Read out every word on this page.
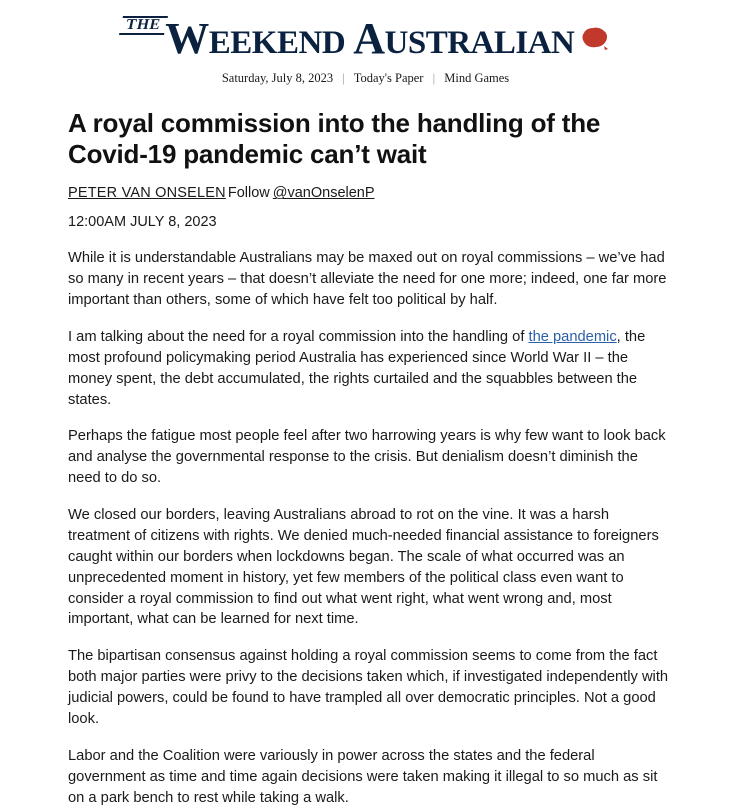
THE WEEKEND AUSTRALIAN
Saturday, July 8, 2023 | Today's Paper | Mind Games
A royal commission into the handling of the Covid-19 pandemic can’t wait
PETER VAN ONSELEN Follow @vanOnselenP
12:00AM JULY 8, 2023

While it is understandable Australians may be maxed out on royal commissions – we’ve had so many in recent years – that doesn’t alleviate the need for one more; indeed, one far more important than others, some of which have felt too political by half.

I am talking about the need for a royal commission into the handling of the pandemic, the most profound policymaking period Australia has experienced since World War II – the money spent, the debt accumulated, the rights curtailed and the squabbles between the states.

Perhaps the fatigue most people feel after two harrowing years is why few want to look back and analyse the governmental response to the crisis. But denialism doesn’t diminish the need to do so.

We closed our borders, leaving Australians abroad to rot on the vine. It was a harsh treatment of citizens with rights. We denied much-needed financial assistance to foreigners caught within our borders when lockdowns began. The scale of what occurred was an unprecedented moment in history, yet few members of the political class even want to consider a royal commission to find out what went right, what went wrong and, most important, what can be learned for next time.

The bipartisan consensus against holding a royal commission seems to come from the fact both major parties were privy to the decisions taken which, if investigated independently with judicial powers, could be found to have trampled all over democratic principles. Not a good look.

Labor and the Coalition were variously in power across the states and the federal government as time and time again decisions were taken making it illegal to so much as sit on a park bench to rest while taking a walk.
